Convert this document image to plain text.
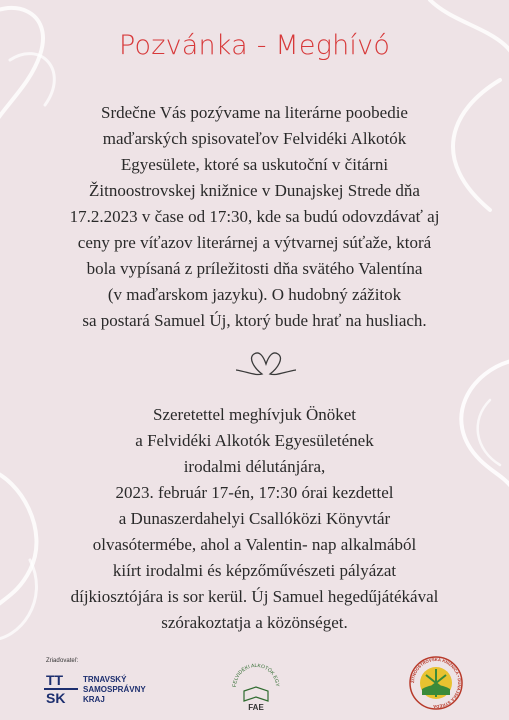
Pozvánka - Meghívó

Srdečne Vás pozývame na literárne poobedie
maďarských spisovateľov Felvidéki Alkotók
Egyesülete, ktoré sa uskutoční v čitárni
Žitnoostrovskej knižnice v Dunajskej Strede dňa
17.2.2023 v čase od 17:30, kde sa budú odovzdávať aj
ceny pre víťazov literárnej a výtvarnej súťaže, ktorá
bola vypísaná z príležitosti dňa svätého Valentína
(v maďarskom jazyku). O hudobný zážitok
sa postará Samuel Új, ktorý bude hrať na husliach.

Szeretettel meghívjuk Önöket
a Felvidéki Alkotók Egyesületének
irodalmi délutánjára,
2023. február 17-én, 17:30 órai kezdettel
a Dunaszerdahelyi Csallóközi Könyvtár
olvasótermébe, ahol a Valentin- nap alkalmából
kiírt irodalmi és képzőművészeti pályázat
díjkiosztójára is sor kerül. Új Samuel hegedűjátékával
szórakoztatja a közönséget.

Zriaďovateľ:
TT
SK
TRNAVSKÝ
SAMOSPRÁVNY
KRAJ
FELVIDÉKI ALKOTÓK EGY
FAE
ŽITNOOSTROVSKÁ KNIŽNICA • DUNAJSKÁ STREDA
